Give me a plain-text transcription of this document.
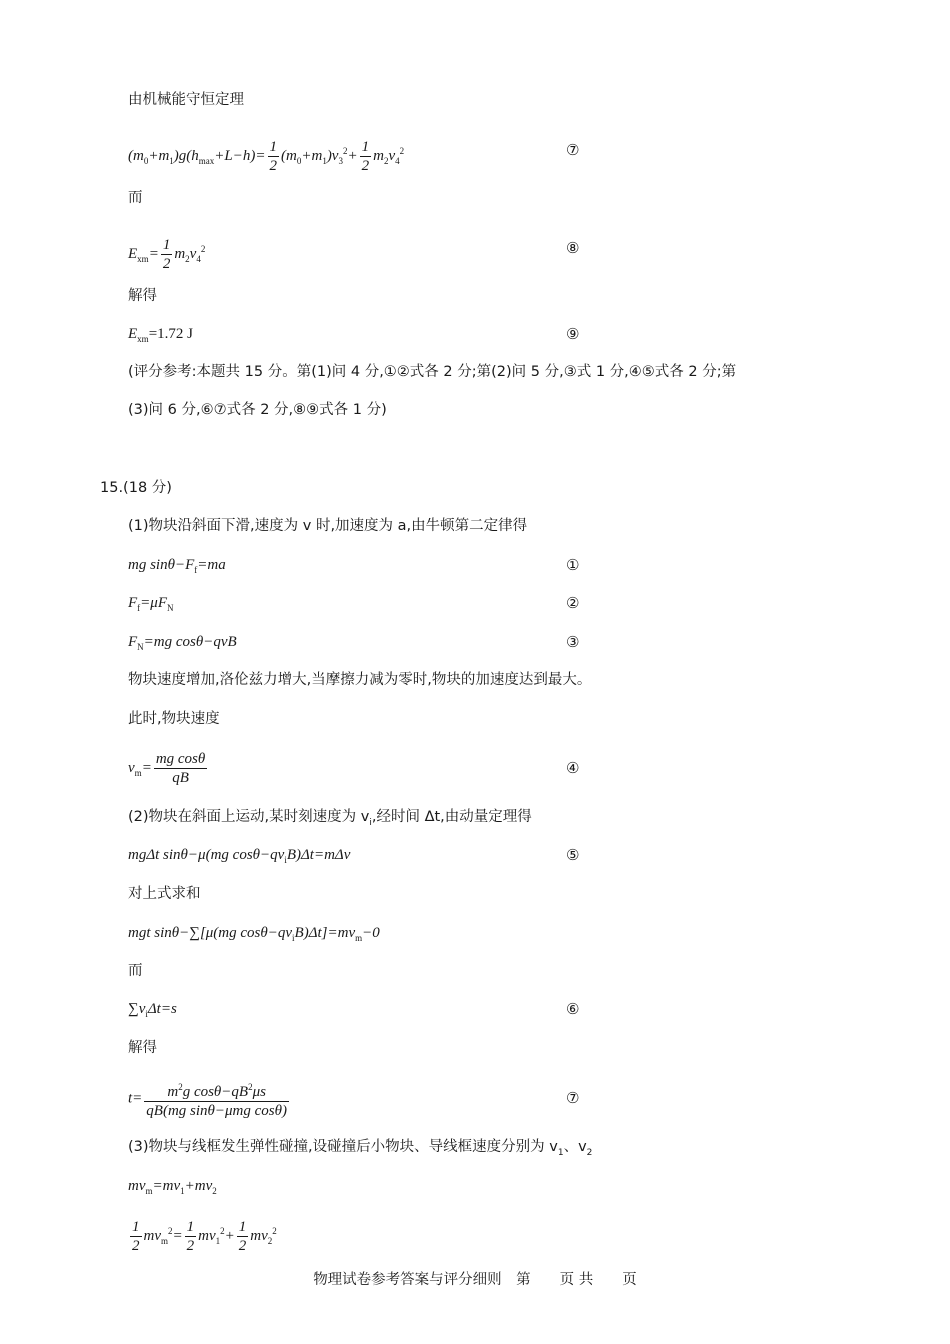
由机械能守恒定理
$(m_0+m_1)g(h_{max}+L-h)= \frac{1}{2} (m_0+m_1)v_3^2+ \frac{1}{2} m_2v_4^2$	⑦
而
$E_{xm}= \frac{1}{2} m_2v_4^2$	⑧
解得
$E_{xm}=1.72$ J	⑨
(评分参考:本题共 15 分。第(1)问 4 分,①②式各 2 分;第(2)问 5 分,③式 1 分,④⑤式各 2 分;第
(3)问 6 分,⑥⑦式各 2 分,⑧⑨式各 1 分)
15.(18 分)
(1)物块沿斜面下滑,速度为 v 时,加速度为 a,由牛顿第二定律得
mg $\sin\theta-F_f=ma$	①
$F_f=\mu F_N$	②
$F_N=mg$ cosθ−qvB	③
物块速度增加,洛伦兹力增大,当摩擦力减为零时,物块的加速度达到最大。
此时,物块速度
$v_m= \frac{\text{mg cosθ}}{qB}$	④
(2)物块在斜面上运动,某时刻速度为 $v_i$,经时间 Δt,由动量定理得
mgΔt sinθ−μ(mg $\cos\theta-qv_iB)\Delta t=m\Delta v$	⑤
对上式求和
mgt sinθ−∑[μ(mg $\cos\theta-qv_iB)\Delta t]=mv_m-0$
而
$\sum v_i\Delta t=s$	⑥
解得
$t= \frac{m^2g \cos\theta-qB^2\mu s}{\text{qB(mg sinθ−μmg cosθ)}}$	⑦
(3)物块与线框发生弹性碰撞,设碰撞后小物块、导线框速度分别为 $v_1$、$v_2$
$mv_m=mv_1+mv_2$
$\frac{1}{2} mv_m^2= \frac{1}{2} mv_1^2+ \frac{1}{2} mv_2^2$
物理试卷参考答案与评分细则　第　　页 共　　页
